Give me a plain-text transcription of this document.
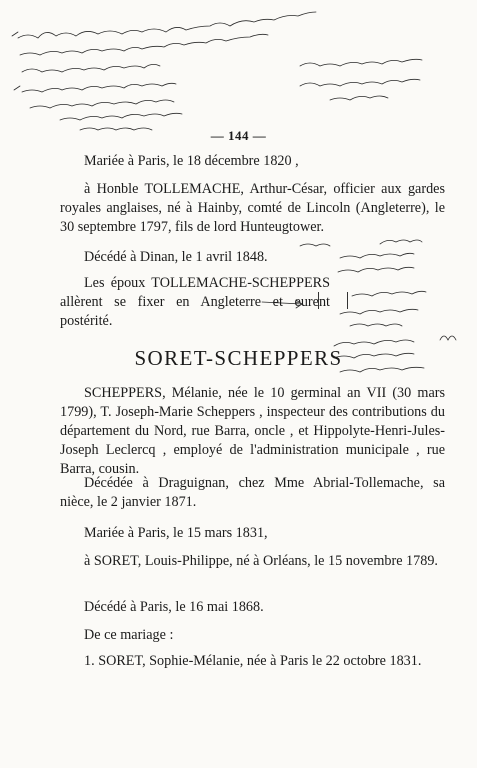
— 144 —
Mariée à Paris, le 18 décembre 1820 ,
à Honble TOLLEMACHE, Arthur-César, officier aux gardes royales anglaises, né à Hainby, comté de Lincoln (Angleterre), le 30 septembre 1797, fils de lord Hunteugtower.
Décédé à Dinan, le 1 avril 1848.
Les époux TOLLEMACHE-SCHEPPERS allèrent se fixer en Angleterre et eurent postérité.
SORET-SCHEPPERS
SCHEPPERS, Mélanie, née le 10 germinal an VII (30 mars 1799), T. Joseph-Marie Scheppers , inspecteur des contributions du département du Nord, rue Barra, oncle , et Hippolyte-Henri-Jules-Joseph Leclercq , employé de l'administration municipale , rue Barra, cousin.
Décédée à Draguignan, chez Mme Abrial-Tollemache, sa nièce, le 2 janvier 1871.
Mariée à Paris, le 15 mars 1831,
à SORET, Louis-Philippe, né à Orléans, le 15 novembre 1789.
Décédé à Paris, le 16 mai 1868.
De ce mariage :
1. SORET, Sophie-Mélanie, née à Paris le 22 octobre 1831.
